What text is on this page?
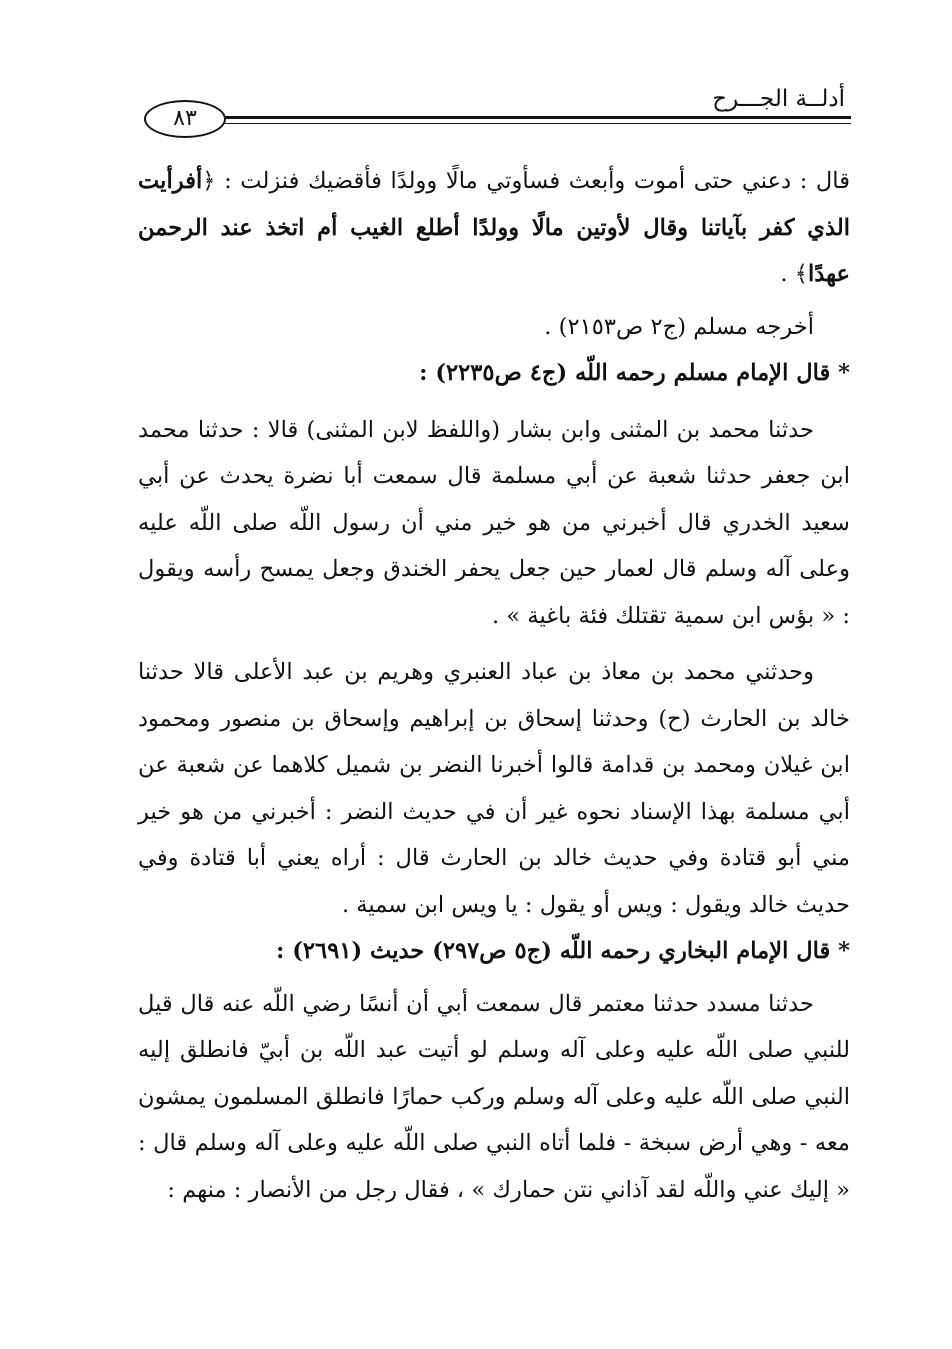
أدلــة الجـــرح
٨٣

قال : دعني حتى أموت وأبعث فسأوتي مالًا وولدًا فأقضيك فنزلت : ﴿أفرأيت الذي كفر بآياتنا وقال لأوتين مالًا وولدًا أطلع الغيب أم اتخذ عند الرحمن عهدًا﴾ .

أخرجه مسلم (ج٢ ص٢١٥٣) .

* قال الإمام مسلم رحمه اللّه (ج٤ ص٢٢٣٥) :

حدثنا محمد بن المثنى وابن بشار (واللفظ لابن المثنى) قالا : حدثنا محمد ابن جعفر حدثنا شعبة عن أبي مسلمة قال سمعت أبا نضرة يحدث عن أبي سعيد الخدري قال أخبرني من هو خير مني أن رسول اللّه صلى اللّه عليه وعلى آله وسلم قال لعمار حين جعل يحفر الخندق وجعل يمسح رأسه ويقول : « بؤس ابن سمية تقتلك فئة باغية » .

وحدثني محمد بن معاذ بن عباد العنبري وهريم بن عبد الأعلى قالا حدثنا خالد بن الحارث (ح) وحدثنا إسحاق بن إبراهيم وإسحاق بن منصور ومحمود ابن غيلان ومحمد بن قدامة قالوا أخبرنا النضر بن شميل كلاهما عن شعبة عن أبي مسلمة بهذا الإسناد نحوه غير أن في حديث النضر : أخبرني من هو خير مني أبو قتادة وفي حديث خالد بن الحارث قال : أراه يعني أبا قتادة وفي حديث خالد ويقول : ويس أو يقول : يا ويس ابن سمية .

* قال الإمام البخاري رحمه اللّه (ج٥ ص٢٩٧) حديث (٢٦٩١) :

حدثنا مسدد حدثنا معتمر قال سمعت أبي أن أنسًا رضي اللّه عنه قال قيل للنبي صلى اللّه عليه وعلى آله وسلم لو أتيت عبد اللّه بن أبيّ فانطلق إليه النبي صلى اللّه عليه وعلى آله وسلم وركب حمارًا فانطلق المسلمون يمشون معه - وهي أرض سبخة - فلما أتاه النبي صلى اللّه عليه وعلى آله وسلم قال : « إليك عني واللّه لقد آذاني نتن حمارك » ، فقال رجل من الأنصار : منهم :
